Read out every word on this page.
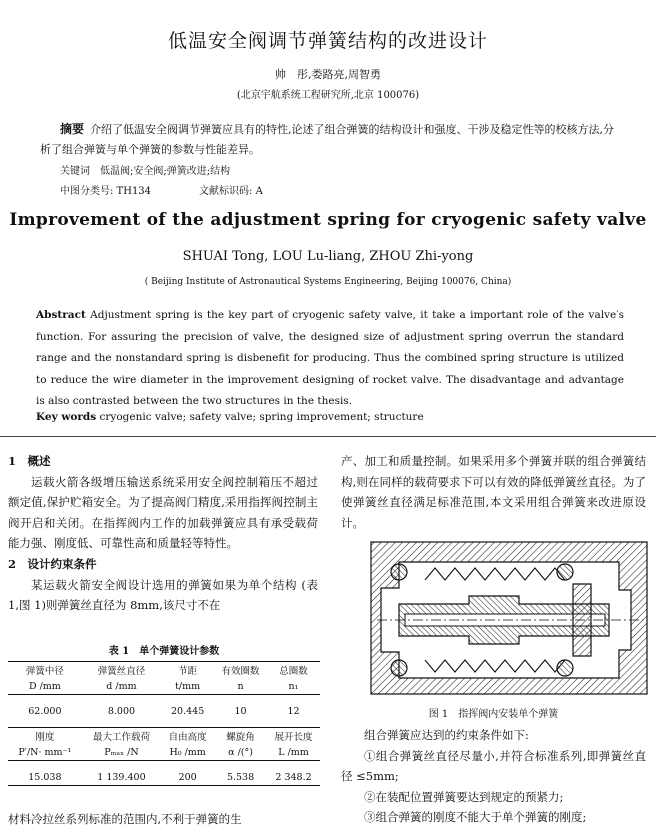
低温安全阀调节弹簧结构的改进设计
帅　彤,娄路亮,周智勇
(北京宇航系统工程研究所,北京 100076)
摘要 介绍了低温安全阀调节弹簧应具有的特性,论述了组合弹簧的结构设计和强度、干涉及稳定性等的校核方法,分析了组合弹簧与单个弹簧的参数与性能差异。
关键词　低温阀;安全阀;弹簧改进;结构
中图分类号: TH134	文献标识码: A
Improvement of the adjustment spring for cryogenic safety valve
SHUAI Tong, LOU Lu-liang, ZHOU Zhi-yong
( Beijing Institute of Astronautical Systems Engineering, Beijing 100076, China)
Abstract Adjustment spring is the key part of cryogenic safety valve, it take a important role of the valve′s function. For assuring the precision of valve, the designed size of adjustment spring overrun the standard range and the nonstandard spring is disbenefit for producing. Thus the combined spring structure is utilized to reduce the wire diameter in the improvement designing of rocket valve. The disadvantage and advantage is also contrasted between the two structures in the thesis.
Key words cryogenic valve; safety valve; spring improvement; structure

1　概述

运载火箭各级增压输送系统采用安全阀控制箱压不超过额定值,保护贮箱安全。为了提高阀门精度,采用指挥阀控制主阀开启和关闭。在指挥阀内工作的加载弹簧应具有承受载荷能力强、刚度低、可靠性高和质量轻等特性。

2　设计约束条件

某运载火箭安全阀设计选用的弹簧如果为单个结构 (表 1,图 1)则弹簧丝直径为 8mm,该尺寸不在

表 1　单个弹簧设计参数
弹簧中径	弹簧丝直径	节距	有效圈数	总圈数
D /mm	d /mm	t/mm	n	n₁

62.000	8.000	20.445	10	12

刚度	最大工作载荷	自由高度	螺旋角	展开长度
P′/N· mm⁻¹	Pₘₐₓ /N	H₀ /mm	α /(°)	L /mm

15.038	1 139.400	200	5.538	2 348.2

材料冷拉丝系列标准的范围内,不利于弹簧的生

产、加工和质量控制。如果采用多个弹簧并联的组合弹簧结构,则在同样的载荷要求下可以有效的降低弹簧丝直径。为了使弹簧丝直径满足标准范围,本文采用组合弹簧来改进原设计。

图 1　指挥阀内安装单个弹簧

组合弹簧应达到的约束条件如下:

①组合弹簧丝直径尽量小,并符合标准系列,即弹簧丝直径 ≤5mm;

②在装配位置弹簧要达到规定的预紧力;

③组合弹簧的刚度不能大于单个弹簧的刚度;
